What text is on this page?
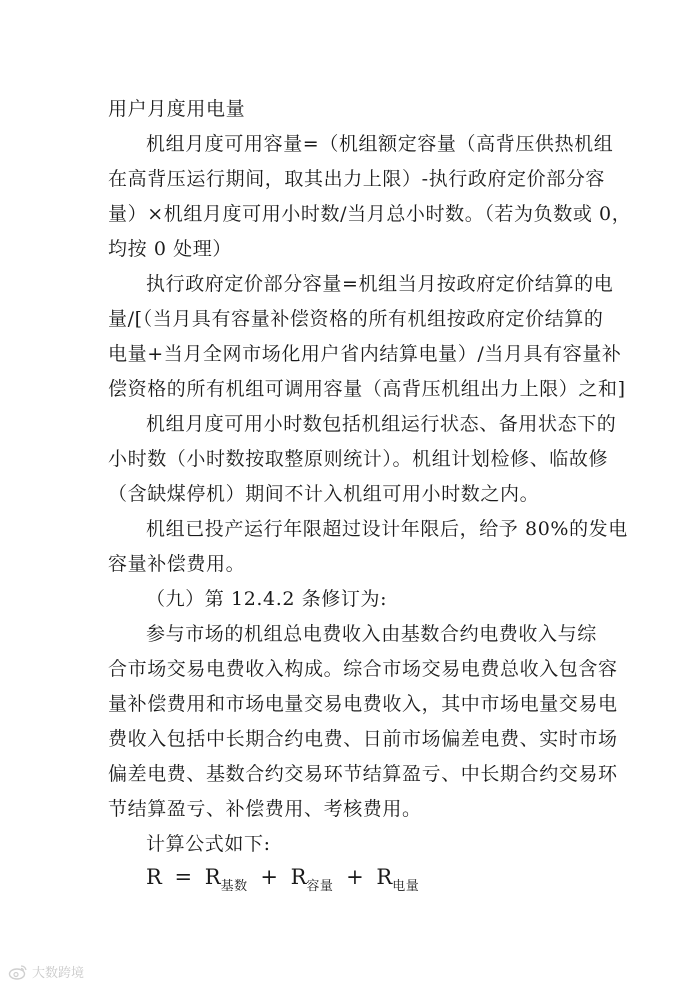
用户月度用电量
机组月度可用容量=（机组额定容量（高背压供热机组
在高背压运行期间，取其出力上限）-执行政府定价部分容
量）×机组月度可用小时数/当月总小时数。（若为负数或 0，
均按 0 处理）
执行政府定价部分容量=机组当月按政府定价结算的电
量/[（当月具有容量补偿资格的所有机组按政府定价结算的
电量+当月全网市场化用户省内结算电量）/当月具有容量补
偿资格的所有机组可调用容量（高背压机组出力上限）之和]
机组月度可用小时数包括机组运行状态、备用状态下的
小时数（小时数按取整原则统计）。机组计划检修、临故修
（含缺煤停机）期间不计入机组可用小时数之内。
机组已投产运行年限超过设计年限后，给予 80%的发电
容量补偿费用。
（九）第 12.4.2 条修订为:
参与市场的机组总电费收入由基数合约电费收入与综
合市场交易电费收入构成。综合市场交易电费总收入包含容
量补偿费用和市场电量交易电费收入，其中市场电量交易电
费收入包括中长期合约电费、日前市场偏差电费、实时市场
偏差电费、基数合约交易环节结算盈亏、中长期合约交易环
节结算盈亏、补偿费用、考核费用。
计算公式如下:
$R = R_{基数} + R_{容量} + R_{电量}$
大数跨境
